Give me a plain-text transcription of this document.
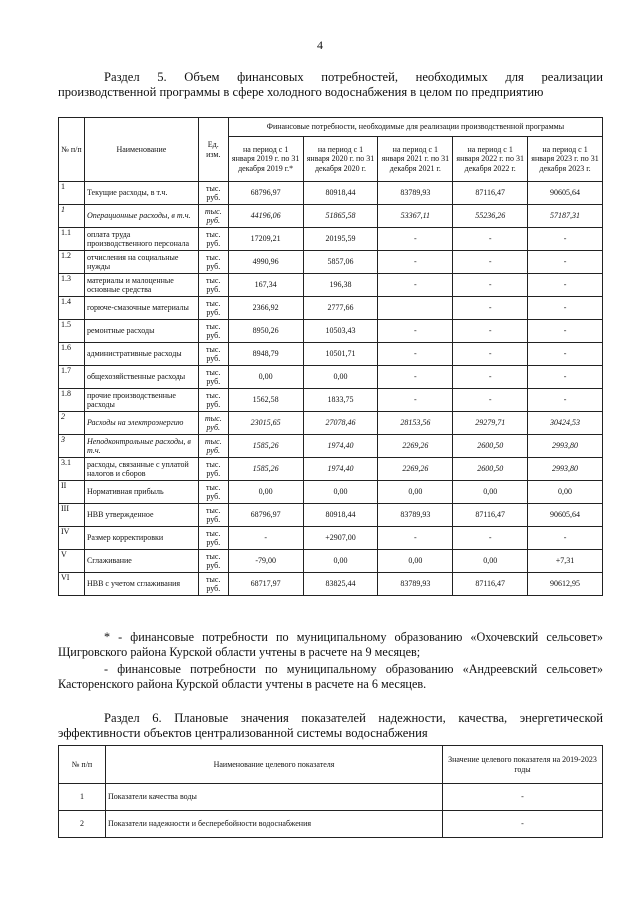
4

Раздел 5. Объем финансовых потребностей, необходимых для реализации производственной программы в сфере холодного водоснабжения в целом по предприятию

№ п/п	Наименование	Ед. изм.	Финансовые потребности, необходимые для реализации производственной программы				
			на период с 1 января 2019 г. по 31 декабря 2019 г.*	на период с 1 января 2020 г. по 31 декабря 2020 г.	на период с 1 января 2021 г. по 31 декабря 2021 г.	на период с 1 января 2022 г. по 31 декабря 2022 г.	на период с 1 января 2023 г. по 31 декабря 2023 г.
1	Текущие расходы, в т.ч.	тыс. руб.	68796,97	80918,44	83789,93	87116,47	90605,64
1	Операционные расходы, в т.ч.	тыс. руб.	44196,06	51865,58	53367,11	55236,26	57187,31
1.1	оплата труда производственного персонала	тыс. руб.	17209,21	20195,59	-	-	-
1.2	отчисления на социальные нужды	тыс. руб.	4990,96	5857,06	-	-	-
1.3	материалы и малоценные основные средства	тыс. руб.	167,34	196,38	-	-	-
1.4	горюче-смазочные материалы	тыс. руб.	2366,92	2777,66		-	-
1.5	ремонтные расходы	тыс. руб.	8950,26	10503,43	-	-	-
1.6	административные расходы	тыс. руб.	8948,79	10501,71	-	-	-
1.7	общехозяйственные расходы	тыс. руб.	0,00	0,00	-	-	-
1.8	прочие производственные расходы	тыс. руб.	1562,58	1833,75	-	-	-
2	Расходы на электроэнергию	тыс. руб.	23015,65	27078,46	28153,56	29279,71	30424,53
3	Неподконтрольные расходы, в т.ч.	тыс. руб.	1585,26	1974,40	2269,26	2600,50	2993,80
3.1	расходы, связанные с уплатой налогов и сборов	тыс. руб.	1585,26	1974,40	2269,26	2600,50	2993,80
II	Нормативная прибыль	тыс. руб.	0,00	0,00	0,00	0,00	0,00
III	НВВ утвержденное	тыс. руб.	68796,97	80918,44	83789,93	87116,47	90605,64
IV	Размер корректировки	тыс. руб.	-	+2907,00	-	-	-
V	Сглаживание	тыс. руб.	-79,00	0,00	0,00	0,00	+7,31
VI	НВВ с учетом сглаживания	тыс. руб.	68717,97	83825,44	83789,93	87116,47	90612,95

* - финансовые потребности по муниципальному образованию «Охочевский сельсовет» Щигровского района Курской области учтены в расчете на 9 месяцев;

- финансовые потребности по муниципальному образованию «Андреевский сельсовет» Касторенского района Курской области учтены в расчете на 6 месяцев.

Раздел 6. Плановые значения показателей надежности, качества, энергетической эффективности объектов централизованной системы водоснабжения

№ п/п	Наименование целевого показателя	Значение целевого показателя на 2019-2023 годы
1	Показатели качества воды	-
2	Показатели надежности и бесперебойности водоснабжения	-
